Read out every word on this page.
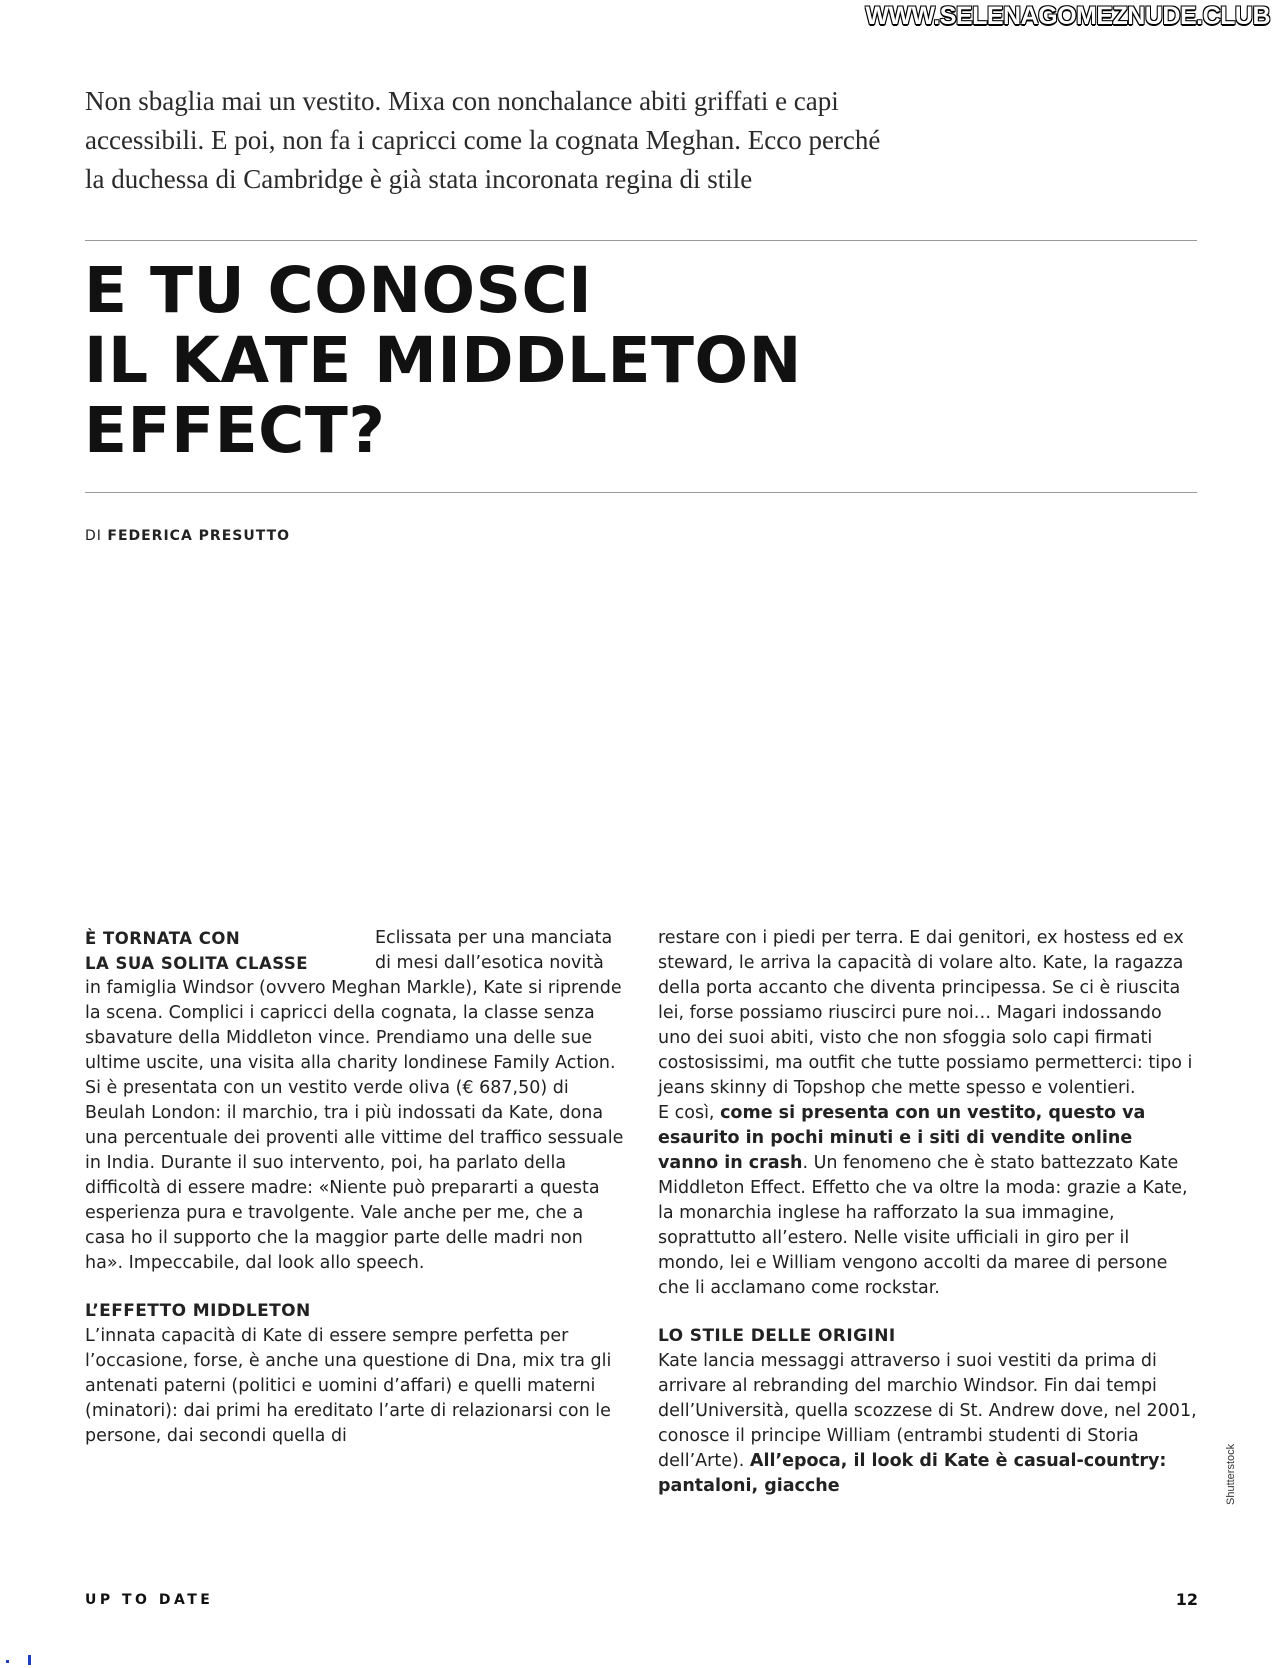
WWW.SELENAGOMEZNUDE.CLUB

Non sbaglia mai un vestito. Mixa con nonchalance abiti griffati e capi accessibili. E poi, non fa i capricci come la cognata Meghan. Ecco perché la duchessa di Cambridge è già stata incoronata regina di stile

E TU CONOSCI
IL KATE MIDDLETON
EFFECT?
DI FEDERICA PRESUTTO
È TORNATA CON
LA SUA SOLITA CLASSE

Eclissata per una manciata di mesi dall’esotica novità in famiglia Windsor (ovvero Meghan Markle), Kate si riprende la scena. Complici i capricci della cognata, la classe senza sbavature della Middleton vince. Prendiamo una delle sue ultime uscite, una visita alla charity londinese Family Action. Si è presentata con un vestito verde oliva (€ 687,50) di Beulah London: il marchio, tra i più indossati da Kate, dona una percentuale dei proventi alle vittime del traffico sessuale in India. Durante il suo intervento, poi, ha parlato della difficoltà di essere madre: «Niente può prepararti a questa esperienza pura e travolgente. Vale anche per me, che a casa ho il supporto che la maggior parte delle madri non ha». Impeccabile, dal look allo speech.

L’EFFETTO MIDDLETON

L’innata capacità di Kate di essere sempre perfetta per l’occasione, forse, è anche una questione di Dna, mix tra gli antenati paterni (politici e uomini d’affari) e quelli materni (minatori): dai primi ha ereditato l’arte di relazionarsi con le persone, dai secondi quella di

restare con i piedi per terra. E dai genitori, ex hostess ed ex steward, le arriva la capacità di volare alto. Kate, la ragazza della porta accanto che diventa principessa. Se ci è riuscita lei, forse possiamo riuscirci pure noi… Magari indossando uno dei suoi abiti, visto che non sfoggia solo capi firmati costosissimi, ma outfit che tutte possiamo permetterci: tipo i jeans skinny di Topshop che mette spesso e volentieri.

E così, come si presenta con un vestito, questo va esaurito in pochi minuti e i siti di vendite online vanno in crash. Un fenomeno che è stato battezzato Kate Middleton Effect. Effetto che va oltre la moda: grazie a Kate, la monarchia inglese ha rafforzato la sua immagine, soprattutto all’estero. Nelle visite ufficiali in giro per il mondo, lei e William vengono accolti da maree di persone che li acclamano come rockstar.

LO STILE DELLE ORIGINI

Kate lancia messaggi attraverso i suoi vestiti da prima di arrivare al rebranding del marchio Windsor. Fin dai tempi dell’Università, quella scozzese di St. Andrew dove, nel 2001, conosce il principe William (entrambi studenti di Storia dell’Arte). All’epoca, il look di Kate è casual-country: pantaloni, giacche	Shutterstock
UP TO DATE	12
